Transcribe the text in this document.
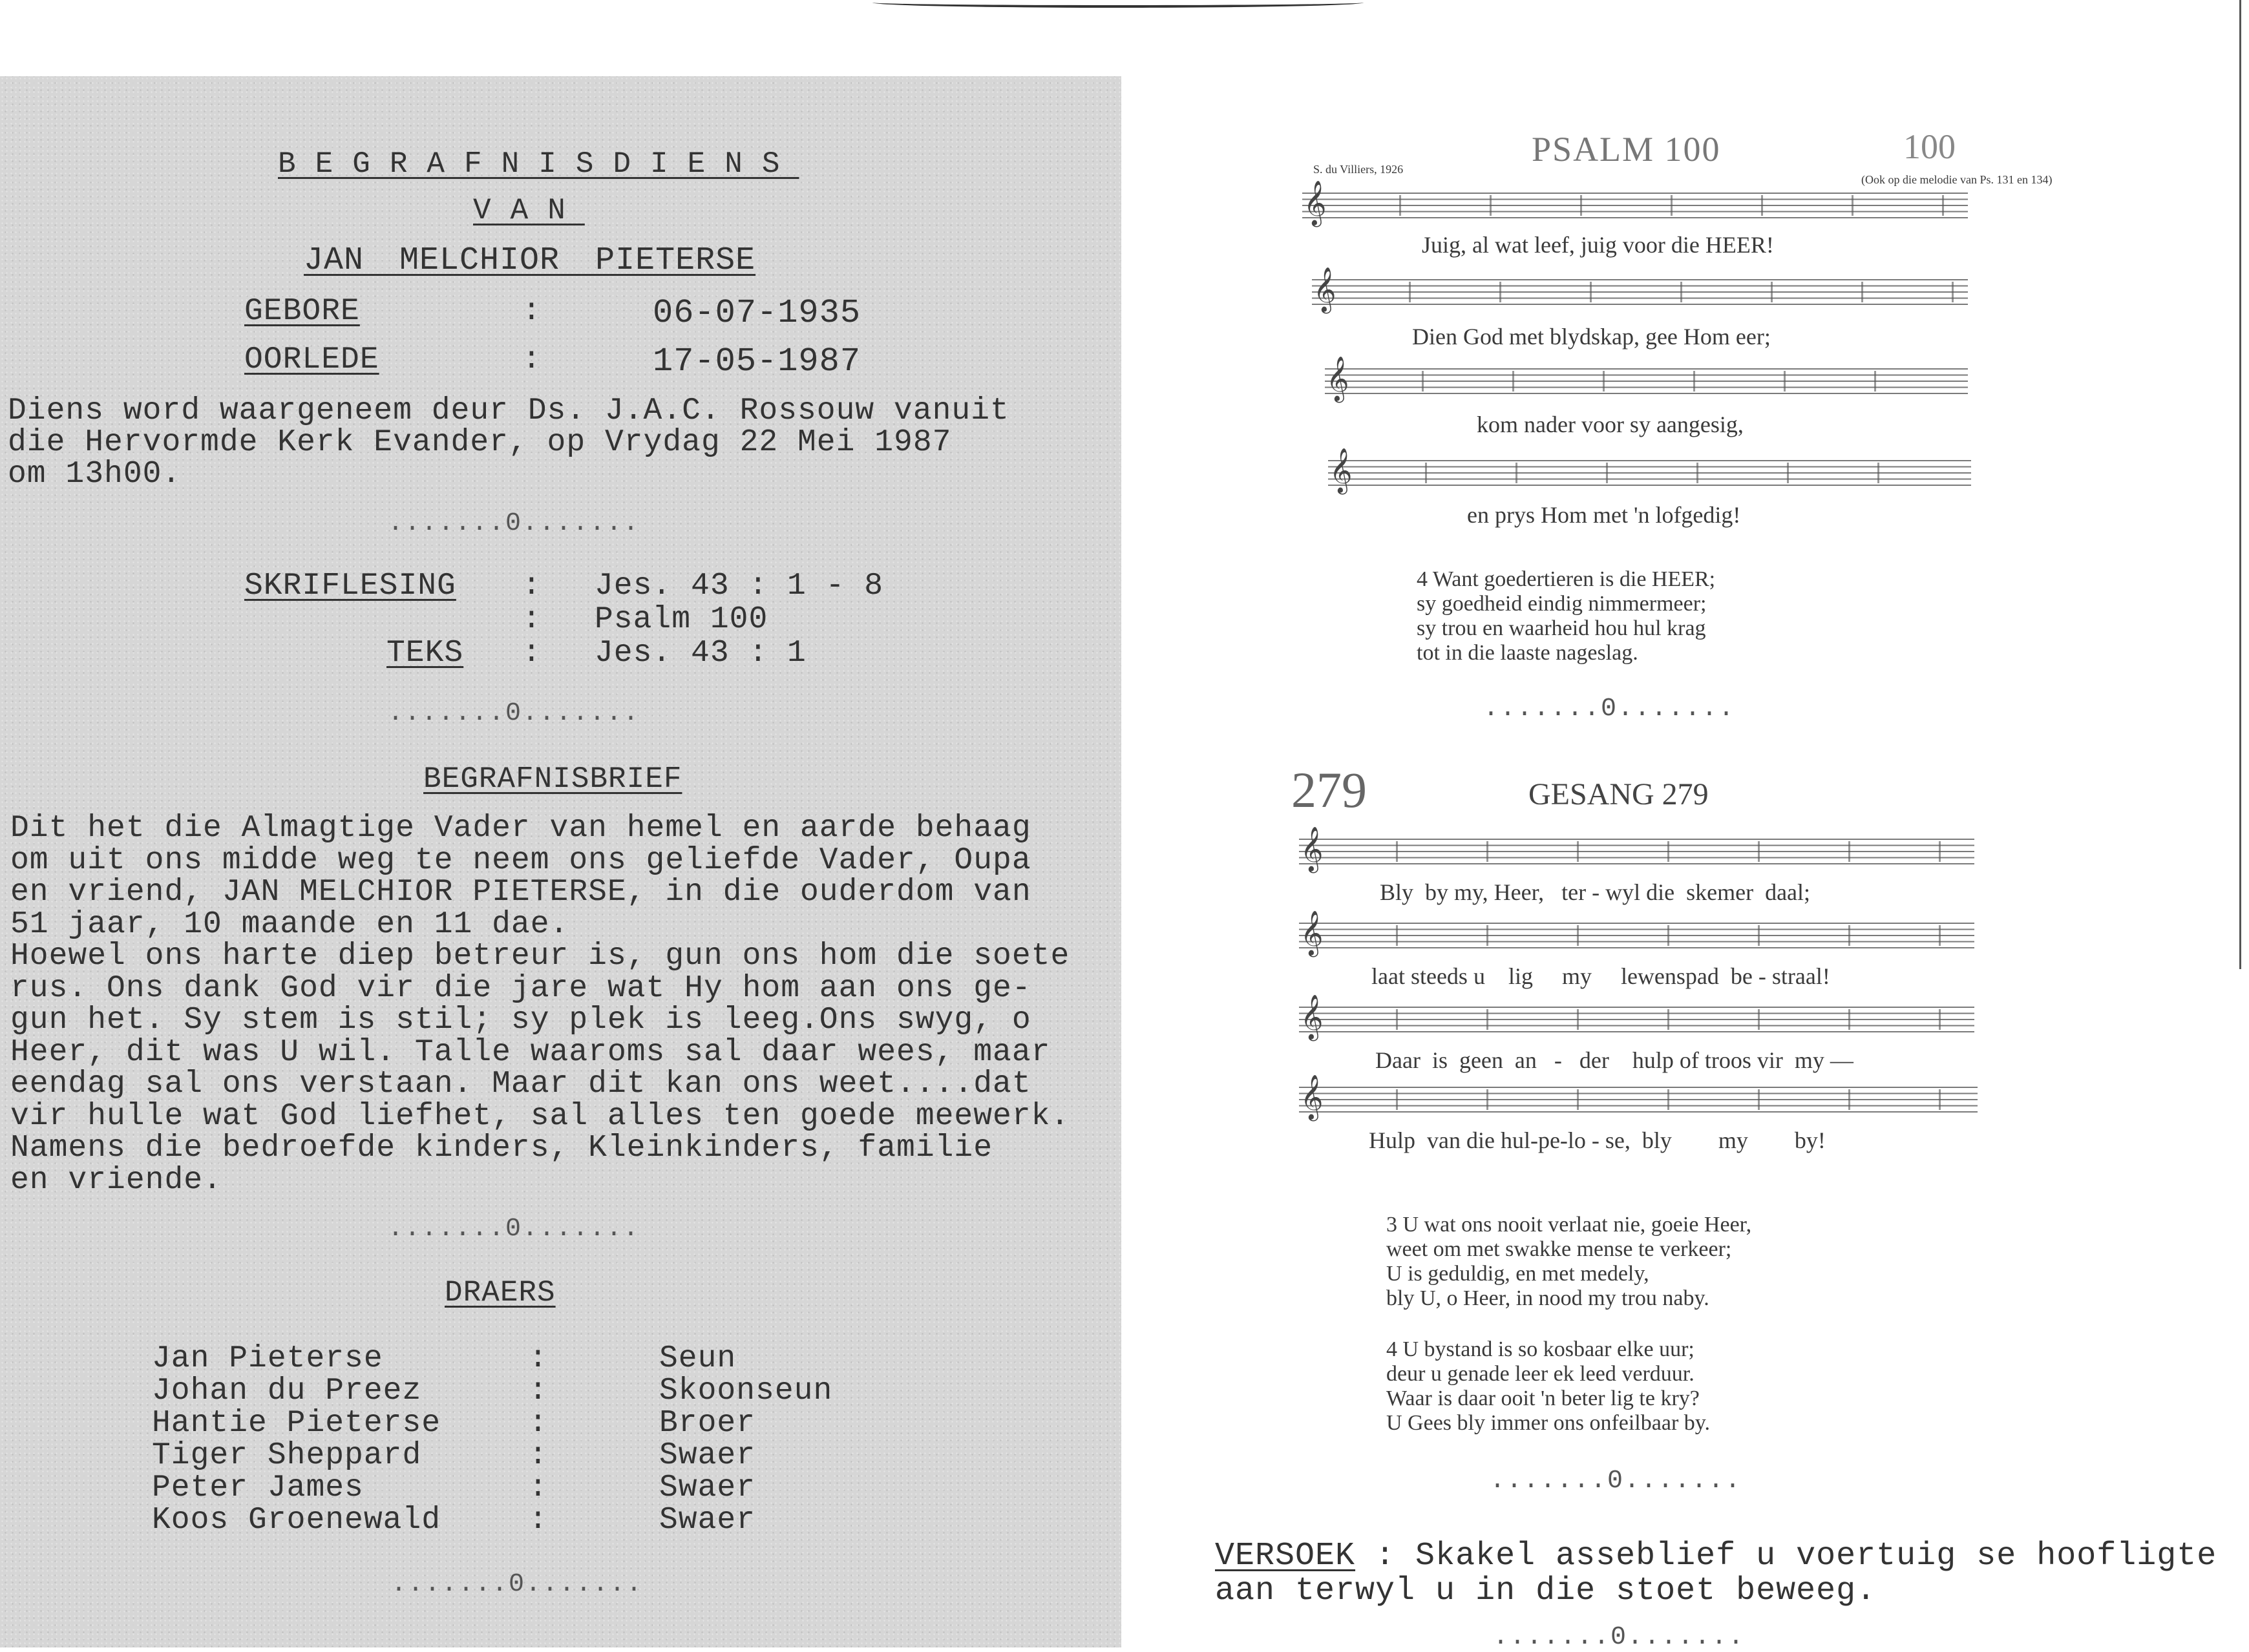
BEGRAFNISDIENS
VAN
JAN MELCHIOR PIETERSE
GEBORE	:	06-07-1935
OORLEDE	:	17-05-1987
Diens word waargeneem deur Ds. J.A.C. Rossouw vanuit
die Hervormde Kerk Evander, op Vrydag 22 Mei 1987
om 13h00.
.......0.......
SKRIFLESING : Jes. 43 : 1 - 8
: Psalm 100
TEKS : Jes. 43 : 1
.......0.......
BEGRAFNISBRIEF
Dit het die Almagtige Vader van hemel en aarde behaag
om uit ons midde weg te neem ons geliefde Vader, Oupa
en vriend, JAN MELCHIOR PIETERSE, in die ouderdom van
51 jaar, 10 maande en 11 dae.
Hoewel ons harte diep betreur is, gun ons hom die soete
rus. Ons dank God vir die jare wat Hy hom aan ons ge-
gun het. Sy stem is stil; sy plek is leeg.Ons swyg, o
Heer, dit was U wil. Talle waaroms sal daar wees, maar
eendag sal ons verstaan. Maar dit kan ons weet....dat
vir hulle wat God liefhet, sal alles ten goede meewerk.
Namens die bedroefde kinders, Kleinkinders, familie
en vriende.
.......0.......
DRAERS
Jan Pieterse	:	Seun
Johan du Preez	:	Skoonseun
Hantie Pieterse	:	Broer
Tiger Sheppard	:	Swaer
Peter James	:	Swaer
Koos Groenewald	:	Swaer
.......0.......
S. du Villiers, 1926
PSALM 100	100
(Ook op die melodie van Ps. 131 en 134)
𝄞
Juig, al wat leef, juig voor die HEER!
𝄞
Dien God met blydskap, gee Hom eer;
𝄞
kom nader voor sy aangesig,
𝄞
en prys Hom met 'n lofgedig!
4 Want goedertieren is die HEER;
sy goedheid eindig nimmermeer;
sy trou en waarheid hou hul krag
tot in die laaste nageslag.
.......0.......
279	GESANG 279
𝄞
Bly  by my, Heer,   ter - wyl die  skemer  daal;
𝄞
laat steeds u    lig     my     lewenspad  be - straal!
𝄞
Daar  is  geen  an   -   der    hulp of troos vir  my —
𝄞
Hulp  van die hul-pe-lo - se,  bly        my        by!
3 U wat ons nooit verlaat nie, goeie Heer,
weet om met swakke mense te verkeer;
U is geduldig, en met medely,
bly U, o Heer, in nood my trou naby.
4 U bystand is so kosbaar elke uur;
deur u genade leer ek leed verduur.
Waar is daar ooit 'n beter lig te kry?
U Gees bly immer ons onfeilbaar by.
.......0.......
VERSOEK : Skakel asseblief u voertuig se hoofligte
aan terwyl u in die stoet beweeg.
.......0.......
